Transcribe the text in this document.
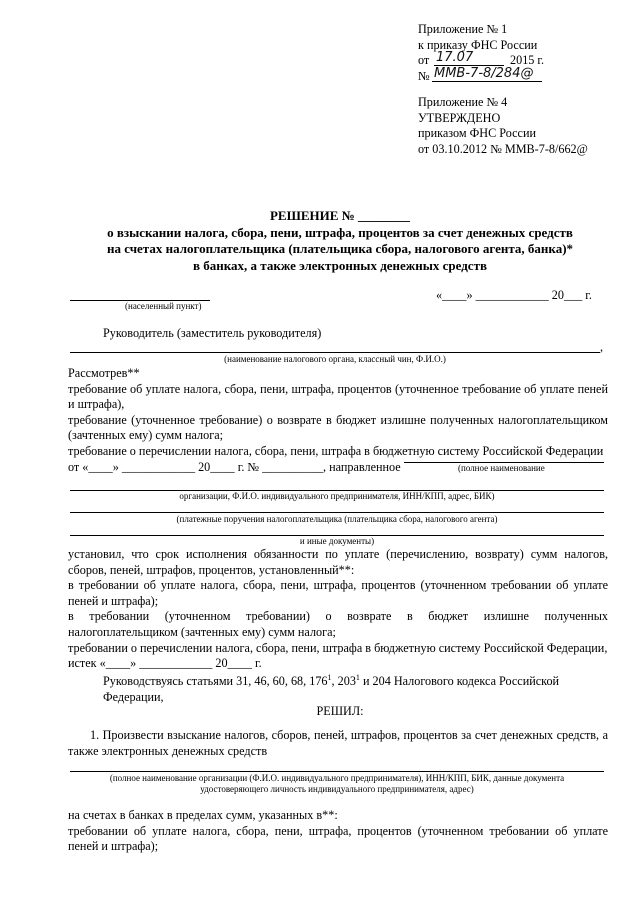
Приложение № 1
к приказу ФНС России
от 17.07	2015 г.
№ ММВ-7-8/284@
Приложение № 4
УТВЕРЖДЕНО
приказом ФНС России
от 03.10.2012 № ММВ-7-8/662@
РЕШЕНИЕ № ________
о взыскании налога, сбора, пени, штрафа, процентов за счет денежных средств
на счетах налогоплательщика (плательщика сбора, налогового агента, банка)*
в банках, а также электронных денежных средств
(населенный пункт)
«____» ____________ 20___ г.
Руководитель (заместитель руководителя)
,
(наименование налогового органа, классный чин, Ф.И.О.)
Рассмотрев**
требование об уплате налога, сбора, пени, штрафа, процентов (уточненное требование об уплате пеней и штрафа),
требование (уточненное требование) о возврате в бюджет излишне полученных налогоплательщиком (зачтенных ему) сумм налога;
требование о перечислении налога, сбора, пени, штрафа в бюджетную систему Российской Федерации
от «____» ____________ 20____ г. № __________, направленное	(полное наименование
организации, Ф.И.О. индивидуального предпринимателя, ИНН/КПП, адрес, БИК)
(платежные поручения налогоплательщика (плательщика сбора, налогового агента)
и иные документы)
установил, что срок исполнения обязанности по уплате (перечислению, возврату) сумм налогов, сборов, пеней, штрафов, процентов, установленный**:
в требовании об уплате налога, сбора, пени, штрафа, процентов (уточненном требовании об уплате пеней и штрафа);
в требовании (уточненном требовании) о возврате в бюджет излишне полученных налогоплательщиком (зачтенных ему) сумм налога;
требовании о перечислении налога, сбора, пени, штрафа в бюджетную систему Российской Федерации,
истек «____» ____________ 20____ г.
Руководствуясь статьями 31, 46, 60, 68, $176^1$, $203^1$ и 204 Налогового кодекса Российской Федерации,
РЕШИЛ:
1. Произвести взыскание налогов, сборов, пеней, штрафов, процентов за счет денежных средств, а также электронных денежных средств
(полное наименование организации (Ф.И.О. индивидуального предпринимателя), ИНН/КПП, БИК, данные документа
удостоверяющего личность индивидуального предпринимателя, адрес)
на счетах в банках в пределах сумм, указанных в**:
требовании об уплате налога, сбора, пени, штрафа, процентов (уточненном требовании об уплате пеней и штрафа);
